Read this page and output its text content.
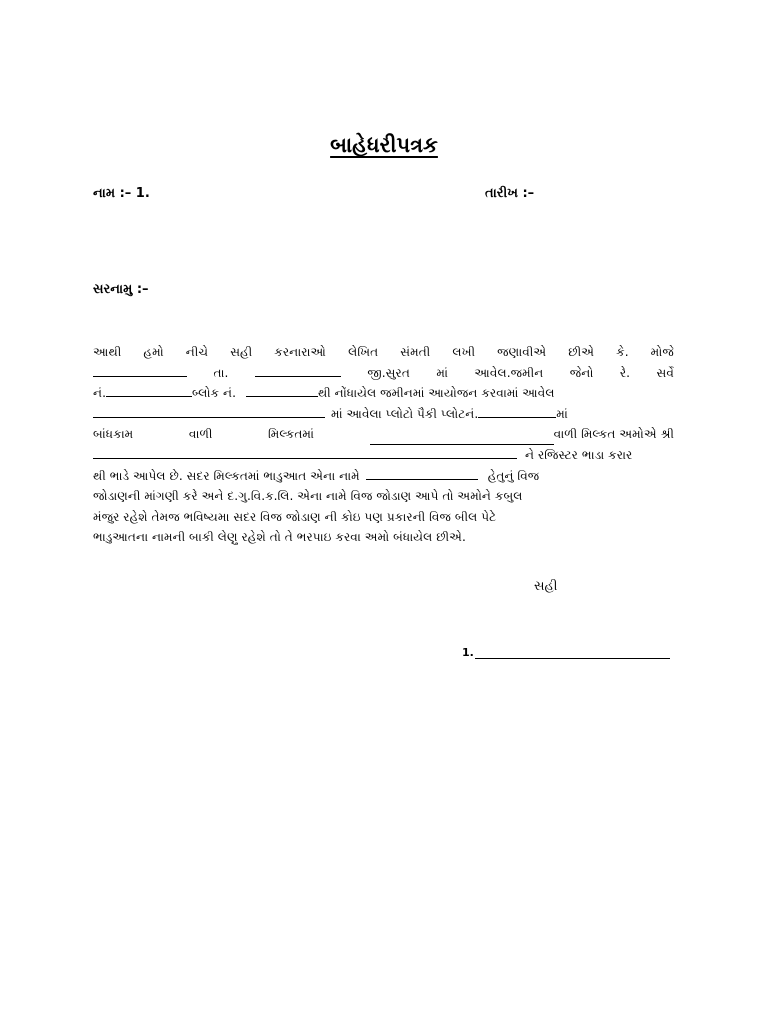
બાહેધરીપત્રક
નામ :– 1.	તારીખ :–
સરનામુ :–
આથી હમો નીચે સહી કરનારાઓ લેખિત સંમતી લખી જણાવીએ છીએ કે. મોજે
તા.	જી.સુરત માં આવેલ.જમીન જેનો રે. સર્વે
નં.	બ્લોક નં.	થી નોંધાયેલ જમીનમાં આયોજન કરવામાં આવેલ
માં આવેલા પ્લોટો પૈકી પ્લોટનં.	માં
બાંધકામ	વાળી	મિલ્કતમાં	વાળી મિલ્કત અમોએ શ્રી
ને રજિસ્ટર ભાડા કરાર
થી ભાડે આપેલ છે. સદર મિલ્કતમાં ભાડુઆત એના નામે	હેતુનું વિજ
જોડાણની માંગણી કરે અને દ.ગુ.વિ.ક.લિ. એના નામે વિજ જોડાણ આપે તો અમોને કબુલ
મંજુર રહેશે તેમજ ભવિષ્યમા સદર વિજ જોડાણ ની કોઇ પણ પ્રકારની વિજ બીલ પેટે
ભાડુઆતના નામની બાકી લેણુ રહેશે તો તે ભરપાઇ કરવા અમો બંધાયેલ છીએ.
સહી
1.
